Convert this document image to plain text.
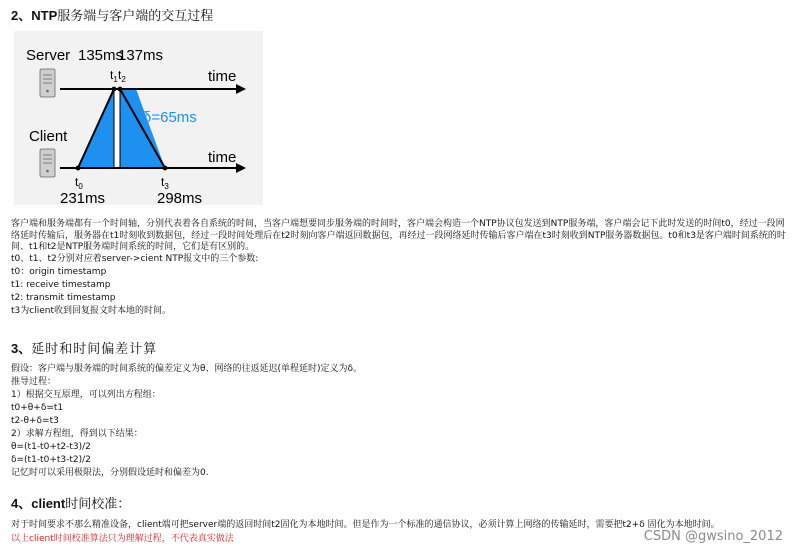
2、NTP服务端与客户端的交互过程
Server
Client
time
time
135ms
137ms
$t_1$ $t_2$
$t_0$	$t_3$
231ms	298ms
δ=65ms
客户端和服务端都有一个时间轴，分别代表着各自系统的时间，当客户端想要同步服务端的时间时，客户端会构造一个NTP协议包发送到NTP服务端，客户端会记下此时发送的时间t0，经过一段网络延时传输后，服务器在t1时刻收到数据包，经过一段时间处理后在t2时刻向客户端返回数据包，再经过一段网络延时传输后客户端在t3时刻收到NTP服务器数据包。t0和t3是客户端时间系统的时间、t1和t2是NTP服务端时间系统的时间，它们是有区别的。
t0、t1、t2分别对应着server->cient NTP报文中的三个参数:
t0：origin timestamp
t1: receive timestamp
t2: transmit timestamp
t3为client收到回复报文时本地的时间。
3、延时和时间偏差计算
假设：客户端与服务端的时间系统的偏差定义为θ、网络的往返延迟(单程延时)定义为δ。
推导过程：
1）根据交互原理，可以列出方程组：
t0+θ+δ=t1
t2-θ+δ=t3
2）求解方程组，得到以下结果：
θ=(t1-t0+t2-t3)/2
δ=(t1-t0+t3-t2)/2
记忆时可以采用极限法，分别假设延时和偏差为0.
4、client时间校准：
对于时间要求不那么精准设备，client端可把server端的返回时间t2固化为本地时间。但是作为一个标准的通信协议，必须计算上网络的传输延时，需要把t2+δ 固化为本地时间。
以上client时间校准算法只为理解过程，不代表真实做法	CSDN @gwsino_2012
